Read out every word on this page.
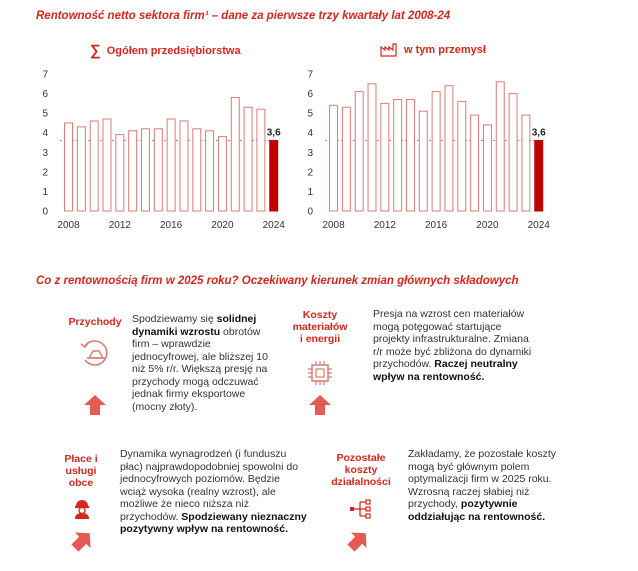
Rentowność netto sektora firm¹ – dane za pierwsze trzy kwartały lat 2008-24
∑ Ogółem przedsiębiorstwa
0
1
2
3
4
5
6
7
3,6
2008	2012	2016	2020	2024
w tym przemysł
0
1
2
3
4
5
6
7
3,6
2008	2012	2016	2020	2024
Co z rentownością firm w 2025 roku? Oczekiwany kierunek zmian głównych składowych
Przychody Spodziewamy się solidnej dynamiki wzrostu obrotów firm – wprawdzie jednocyfrowej, ale bliższej 10 niż 5% r/r. Większą presję na przychody mogą odczuwać jednak firmy eksportowe (mocny złoty).
Koszty materiałów i energii
Presja na wzrost cen materiałów mogą potęgować startujące projekty infrastrukturalne. Zmiana r/r może być zbliżona do dynamiki przychodów. Raczej neutralny wpływ na rentowność.
Płace i usługi obce
Dynamika wynagrodzeń (i funduszu płac) najprawdopodobniej spowolni do jednocyfrowych poziomów. Będzie wciąż wysoka (realny wzrost), ale możliwe że nieco niższa niż przychodów. Spodziewany nieznaczny pozytywny wpływ na rentowność.
Pozostałe koszty działalności
Zakładamy, że pozostałe koszty mogą być głównym polem optymalizacji firm w 2025 roku. Wzrosną raczej słabiej niż przychody, pozytywnie oddziałując na rentowność.
